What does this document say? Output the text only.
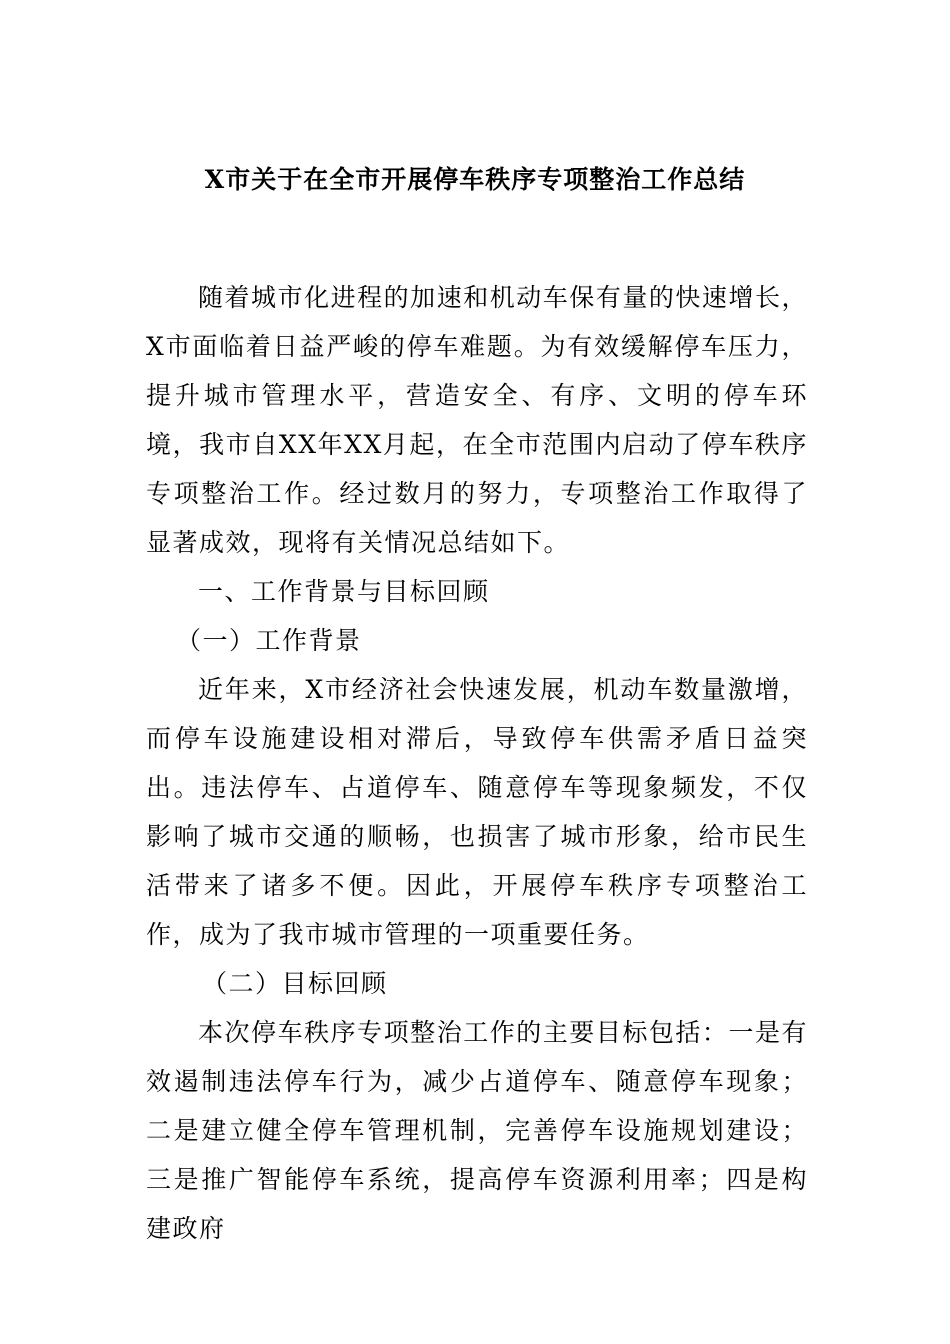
X市关于在全市开展停车秩序专项整治工作总结

随着城市化进程的加速和机动车保有量的快速增长，X市面临着日益严峻的停车难题。为有效缓解停车压力，提升城市管理水平，营造安全、有序、文明的停车环境，我市自XX年XX月起，在全市范围内启动了停车秩序专项整治工作。经过数月的努力，专项整治工作取得了显著成效，现将有关情况总结如下。

一、工作背景与目标回顾

（一）工作背景

近年来，X市经济社会快速发展，机动车数量激增，而停车设施建设相对滞后，导致停车供需矛盾日益突出。违法停车、占道停车、随意停车等现象频发，不仅影响了城市交通的顺畅，也损害了城市形象，给市民生活带来了诸多不便。因此，开展停车秩序专项整治工作，成为了我市城市管理的一项重要任务。

（二）目标回顾

本次停车秩序专项整治工作的主要目标包括：一是有效遏制违法停车行为，减少占道停车、随意停车现象；二是建立健全停车管理机制，完善停车设施规划建设；三是推广智能停车系统，提高停车资源利用率；四是构建政府
